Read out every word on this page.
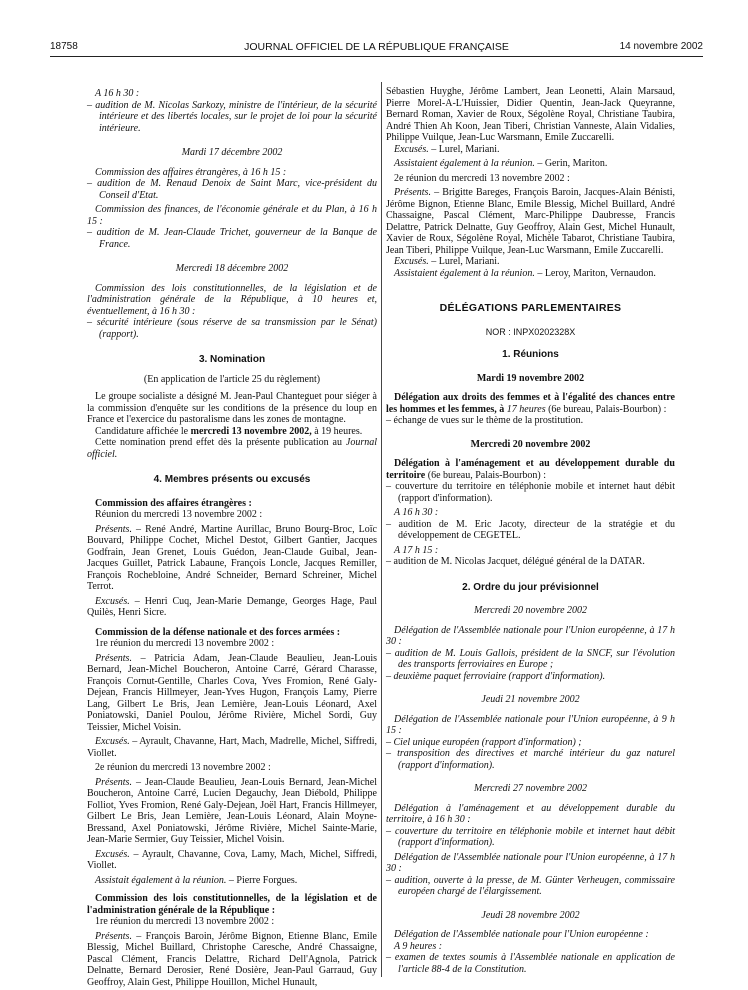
18758	JOURNAL OFFICIEL DE LA RÉPUBLIQUE FRANÇAISE	14 novembre 2002

A 16 h 30 :

– audition de M. Nicolas Sarkozy, ministre de l'intérieur, de la sécurité intérieure et des libertés locales, sur le projet de loi pour la sécurité intérieure.

Mardi 17 décembre 2002

Commission des affaires étrangères, à 16 h 15 :

– audition de M. Renaud Denoix de Saint Marc, vice-président du Conseil d'Etat.

Commission des finances, de l'économie générale et du Plan, à 16 h 15 :

– audition de M. Jean-Claude Trichet, gouverneur de la Banque de France.

Mercredi 18 décembre 2002

Commission des lois constitutionnelles, de la législation et de l'administration générale de la République, à 10 heures et, éventuellement, à 16 h 30 :

– sécurité intérieure (sous réserve de sa transmission par le Sénat) (rapport).

3. Nomination

(En application de l'article 25 du règlement)

Le groupe socialiste a désigné M. Jean-Paul Chanteguet pour siéger à la commission d'enquête sur les conditions de la présence du loup en France et l'exercice du pastoralisme dans les zones de montagne.

Candidature affichée le mercredi 13 novembre 2002, à 19 heures.

Cette nomination prend effet dès la présente publication au Journal officiel.

4. Membres présents ou excusés

Commission des affaires étrangères :

Réunion du mercredi 13 novembre 2002 :

Présents. – René André, Martine Aurillac, Bruno Bourg-Broc, Loïc Bouvard, Philippe Cochet, Michel Destot, Gilbert Gantier, Jacques Godfrain, Jean Grenet, Louis Guédon, Jean-Claude Guibal, Jean-Jacques Guillet, Patrick Labaune, François Loncle, Jacques Remiller, François Rochebloine, André Schneider, Bernard Schreiner, Michel Terrot.

Excusés. – Henri Cuq, Jean-Marie Demange, Georges Hage, Paul Quilès, Henri Sicre.

Commission de la défense nationale et des forces armées :

1re réunion du mercredi 13 novembre 2002 :

Présents. – Patricia Adam, Jean-Claude Beaulieu, Jean-Louis Bernard, Jean-Michel Boucheron, Antoine Carré, Gérard Charasse, François Cornut-Gentille, Charles Cova, Yves Fromion, René Galy-Dejean, Francis Hillmeyer, Jean-Yves Hugon, François Lamy, Pierre Lang, Gilbert Le Bris, Jean Lemière, Jean-Louis Léonard, Axel Poniatowski, Daniel Poulou, Jérôme Rivière, Michel Sordi, Guy Teissier, Michel Voisin.

Excusés. – Ayrault, Chavanne, Hart, Mach, Madrelle, Michel, Siffredi, Viollet.

2e réunion du mercredi 13 novembre 2002 :

Présents. – Jean-Claude Beaulieu, Jean-Louis Bernard, Jean-Michel Boucheron, Antoine Carré, Lucien Degauchy, Jean Diébold, Philippe Folliot, Yves Fromion, René Galy-Dejean, Joël Hart, Francis Hillmeyer, Gilbert Le Bris, Jean Lemière, Jean-Louis Léonard, Alain Moyne-Bressand, Axel Poniatowski, Jérôme Rivière, Michel Sainte-Marie, Jean-Marie Sermier, Guy Teissier, Michel Voisin.

Excusés. – Ayrault, Chavanne, Cova, Lamy, Mach, Michel, Siffredi, Viollet.

Assistait également à la réunion. – Pierre Forgues.

Commission des lois constitutionnelles, de la législation et de l'administration générale de la République :

1re réunion du mercredi 13 novembre 2002 :

Présents. – François Baroin, Jérôme Bignon, Etienne Blanc, Emile Blessig, Michel Buillard, Christophe Caresche, André Chassaigne, Pascal Clément, Francis Delattre, Richard Dell'Agnola, Patrick Delnatte, Bernard Derosier, René Dosière, Jean-Paul Garraud, Guy Geoffroy, Alain Gest, Philippe Houillon, Michel Hunault,

Sébastien Huyghe, Jérôme Lambert, Jean Leonetti, Alain Marsaud, Pierre Morel-A-L'Huissier, Didier Quentin, Jean-Jack Queyranne, Bernard Roman, Xavier de Roux, Ségolène Royal, Christiane Taubira, André Thien Ah Koon, Jean Tiberi, Christian Vanneste, Alain Vidalies, Philippe Vuilque, Jean-Luc Warsmann, Emile Zuccarelli.

Excusés. – Lurel, Mariani.

Assistaient également à la réunion. – Gerin, Mariton.

2e réunion du mercredi 13 novembre 2002 :

Présents. – Brigitte Bareges, François Baroin, Jacques-Alain Bénisti, Jérôme Bignon, Etienne Blanc, Emile Blessig, Michel Buillard, André Chassaigne, Pascal Clément, Marc-Philippe Daubresse, Francis Delattre, Patrick Delnatte, Guy Geoffroy, Alain Gest, Michel Hunault, Xavier de Roux, Ségolène Royal, Michèle Tabarot, Christiane Taubira, Jean Tiberi, Philippe Vuilque, Jean-Luc Warsmann, Emile Zuccarelli.

Excusés. – Lurel, Mariani.

Assistaient également à la réunion. – Leroy, Mariton, Vernaudon.

DÉLÉGATIONS PARLEMENTAIRES

NOR : INPX0202328X

1. Réunions

Mardi 19 novembre 2002

Délégation aux droits des femmes et à l'égalité des chances entre les hommes et les femmes, à 17 heures (6e bureau, Palais-Bourbon) :

– échange de vues sur le thème de la prostitution.

Mercredi 20 novembre 2002

Délégation à l'aménagement et au développement durable du territoire (6e bureau, Palais-Bourbon) :

– couverture du territoire en téléphonie mobile et internet haut débit (rapport d'information).

A 16 h 30 :

– audition de M. Eric Jacoty, directeur de la stratégie et du développement de CEGETEL.

A 17 h 15 :

– audition de M. Nicolas Jacquet, délégué général de la DATAR.

2. Ordre du jour prévisionnel

Mercredi 20 novembre 2002

Délégation de l'Assemblée nationale pour l'Union européenne, à 17 h 30 :

– audition de M. Louis Gallois, président de la SNCF, sur l'évolution des transports ferroviaires en Europe ;

– deuxième paquet ferroviaire (rapport d'information).

Jeudi 21 novembre 2002

Délégation de l'Assemblée nationale pour l'Union européenne, à 9 h 15 :

– Ciel unique européen (rapport d'information) ;

– transposition des directives et marché intérieur du gaz naturel (rapport d'information).

Mercredi 27 novembre 2002

Délégation à l'aménagement et au développement durable du territoire, à 16 h 30 :

– couverture du territoire en téléphonie mobile et internet haut débit (rapport d'information).

Délégation de l'Assemblée nationale pour l'Union européenne, à 17 h 30 :

– audition, ouverte à la presse, de M. Günter Verheugen, commissaire européen chargé de l'élargissement.

Jeudi 28 novembre 2002

Délégation de l'Assemblée nationale pour l'Union européenne :

A 9 heures :

– examen de textes soumis à l'Assemblée nationale en application de l'article 88-4 de la Constitution.
